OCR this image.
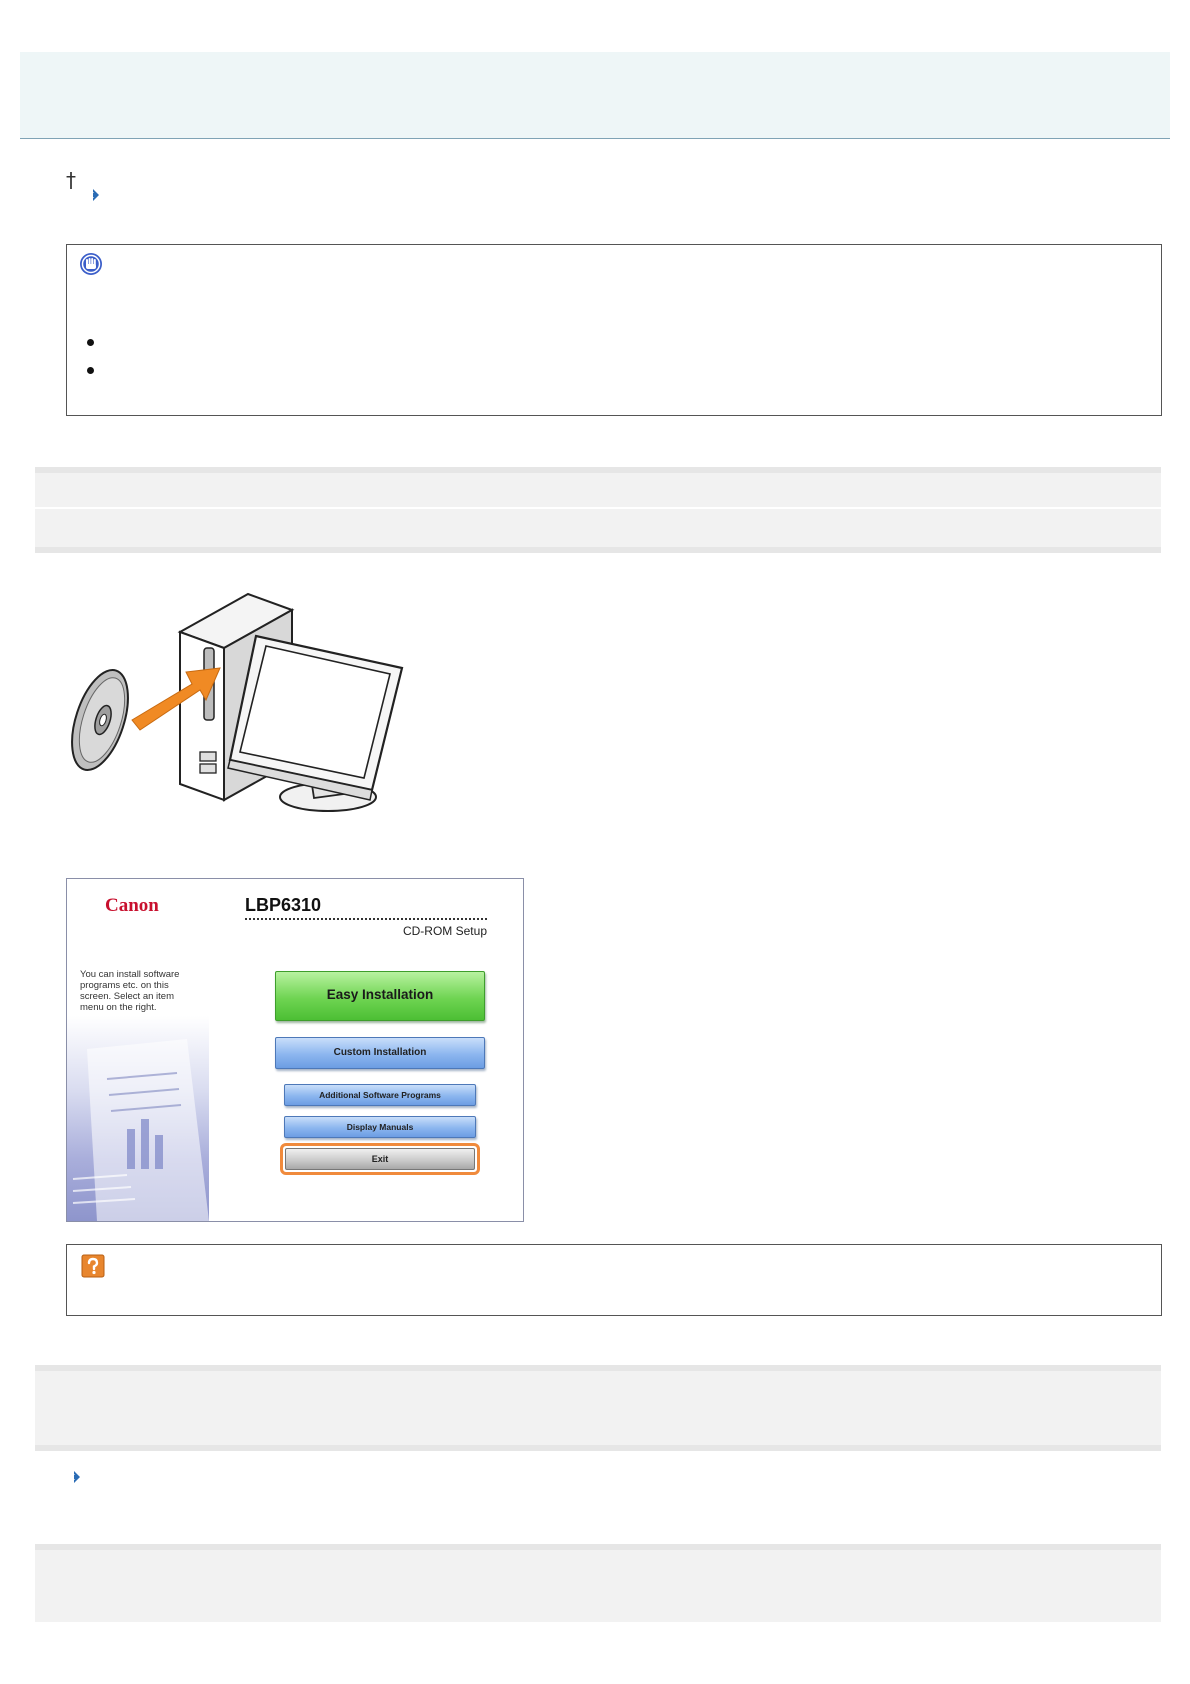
†
Canon
You can install software programs etc. on this screen. Select an item menu on the right.
LBP6310
CD-ROM Setup
Easy Installation
Custom Installation
Additional Software Programs
Display Manuals
Exit
